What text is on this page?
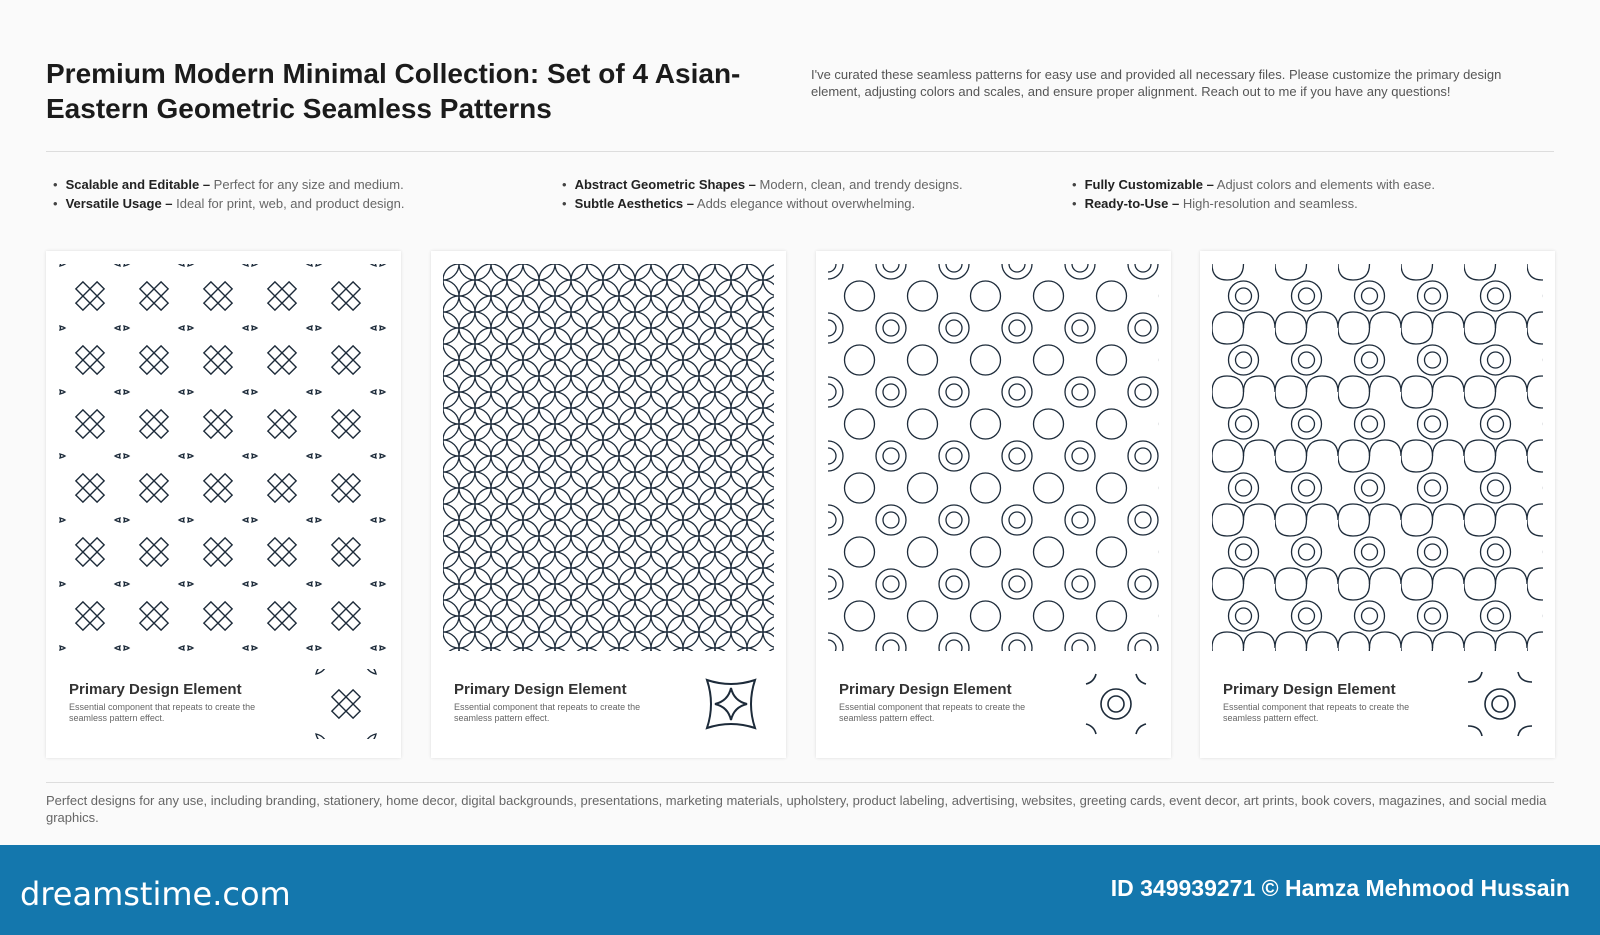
Premium Modern Minimal Collection: Set of 4 Asian-Eastern Geometric Seamless Patterns
I've curated these seamless patterns for easy use and provided all necessary files. Please customize the primary design element, adjusting colors and scales, and ensure proper alignment. Reach out to me if you have any questions!
• Scalable and Editable – Perfect for any size and medium.
• Versatile Usage – Ideal for print, web, and product design.
• Abstract Geometric Shapes – Modern, clean, and trendy designs.
• Subtle Aesthetics – Adds elegance without overwhelming.
• Fully Customizable – Adjust colors and elements with ease.
• Ready-to-Use – High-resolution and seamless.
Primary Design Element
Essential component that repeats to create the seamless pattern effect.
Primary Design Element
Essential component that repeats to create the seamless pattern effect.
Primary Design Element
Essential component that repeats to create the seamless pattern effect.
Primary Design Element
Essential component that repeats to create the seamless pattern effect.
Perfect designs for any use, including branding, stationery, home decor, digital backgrounds, presentations, marketing materials, upholstery, product labeling, advertising, websites, greeting cards, event decor, art prints, book covers, magazines, and social media graphics.
dreamstime.com	ID 349939271 © Hamza Mehmood Hussain
